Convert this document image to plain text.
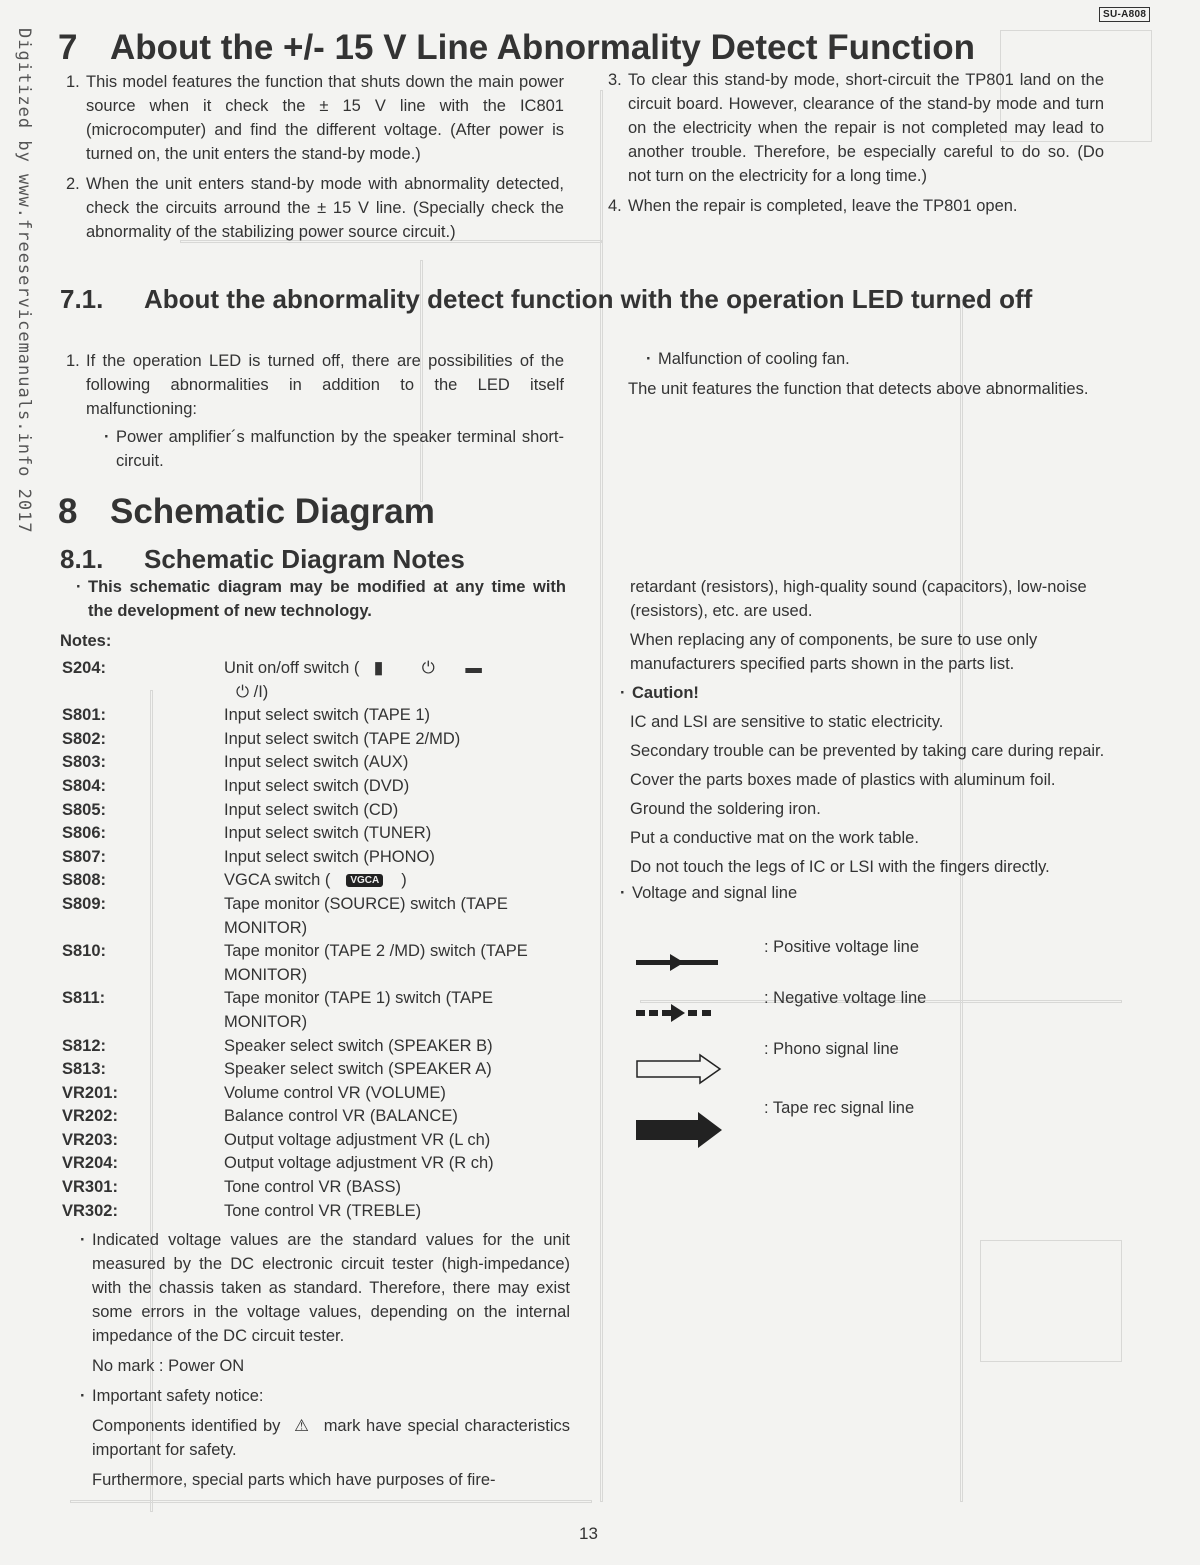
Digitized by www.freeservicemanuals.info 2017
SU-A808
7 About the +/- 15 V Line Abnormality Detect Function
1. This model features the function that shuts down the main power source when it check the ± 15 V line with the IC801 (microcomputer) and find the different voltage. (After power is turned on, the unit enters the stand-by mode.)
2. When the unit enters stand-by mode with abnormality detected, check the circuits arround the ± 15 V line. (Specially check the abnormality of the stabilizing power source circuit.)
3. To clear this stand-by mode, short-circuit the TP801 land on the circuit board. However, clearance of the stand-by mode and turn on the electricity when the repair is not completed may lead to another trouble. Therefore, be especially careful to do so. (Do not turn on the electricity for a long time.)
4. When the repair is completed, leave the TP801 open.
7.1.	About the abnormality detect function with the operation LED turned off
1. If the operation LED is turned off, there are possibilities of the following abnormalities in addition to the LED itself malfunctioning:
· Power amplifier´s malfunction by the speaker terminal short-circuit.
· Malfunction of cooling fan.
The unit features the function that detects above abnormalities.
8 Schematic Diagram
8.1. Schematic Diagram Notes
· This schematic diagram may be modified at any time with the development of new technology.
Notes:
S204:	Unit on/off switch ( ▮ ⏻ ▬
⏻ /I)
S801:	Input select switch (TAPE 1)
S802:	Input select switch (TAPE 2/MD)
S803:	Input select switch (AUX)
S804:	Input select switch (DVD)
S805:	Input select switch (CD)
S806:	Input select switch (TUNER)
S807:	Input select switch (PHONO)
S808:	VGCA switch ( VGCA )
S809:	Tape monitor (SOURCE) switch (TAPE MONITOR)
S810:	Tape monitor (TAPE 2 /MD) switch (TAPE MONITOR)
S811:	Tape monitor (TAPE 1) switch (TAPE MONITOR)
S812:	Speaker select switch (SPEAKER B)
S813:	Speaker select switch (SPEAKER A)
VR201:	Volume control VR (VOLUME)
VR202:	Balance control VR (BALANCE)
VR203:	Output voltage adjustment VR (L ch)
VR204:	Output voltage adjustment VR (R ch)
VR301:	Tone control VR (BASS)
VR302:	Tone control VR (TREBLE)
· Indicated voltage values are the standard values for the unit measured by the DC electronic circuit tester (high-impedance) with the chassis taken as standard. Therefore, there may exist some errors in the voltage values, depending on the internal impedance of the DC circuit tester.
No mark : Power ON
· Important safety notice:
Components identified by ⚠ mark have special characteristics important for safety.
Furthermore, special parts which have purposes of fire-
retardant (resistors), high-quality sound (capacitors), low-noise (resistors), etc. are used.
When replacing any of components, be sure to use only manufacturers specified parts shown in the parts list.
· Caution!
IC and LSI are sensitive to static electricity.
Secondary trouble can be prevented by taking care during repair.
Cover the parts boxes made of plastics with aluminum foil.
Ground the soldering iron.
Put a conductive mat on the work table.
Do not touch the legs of IC or LSI with the fingers directly.
· Voltage and signal line
: Positive voltage line
: Negative voltage line
: Phono signal line
: Tape rec signal line
13
